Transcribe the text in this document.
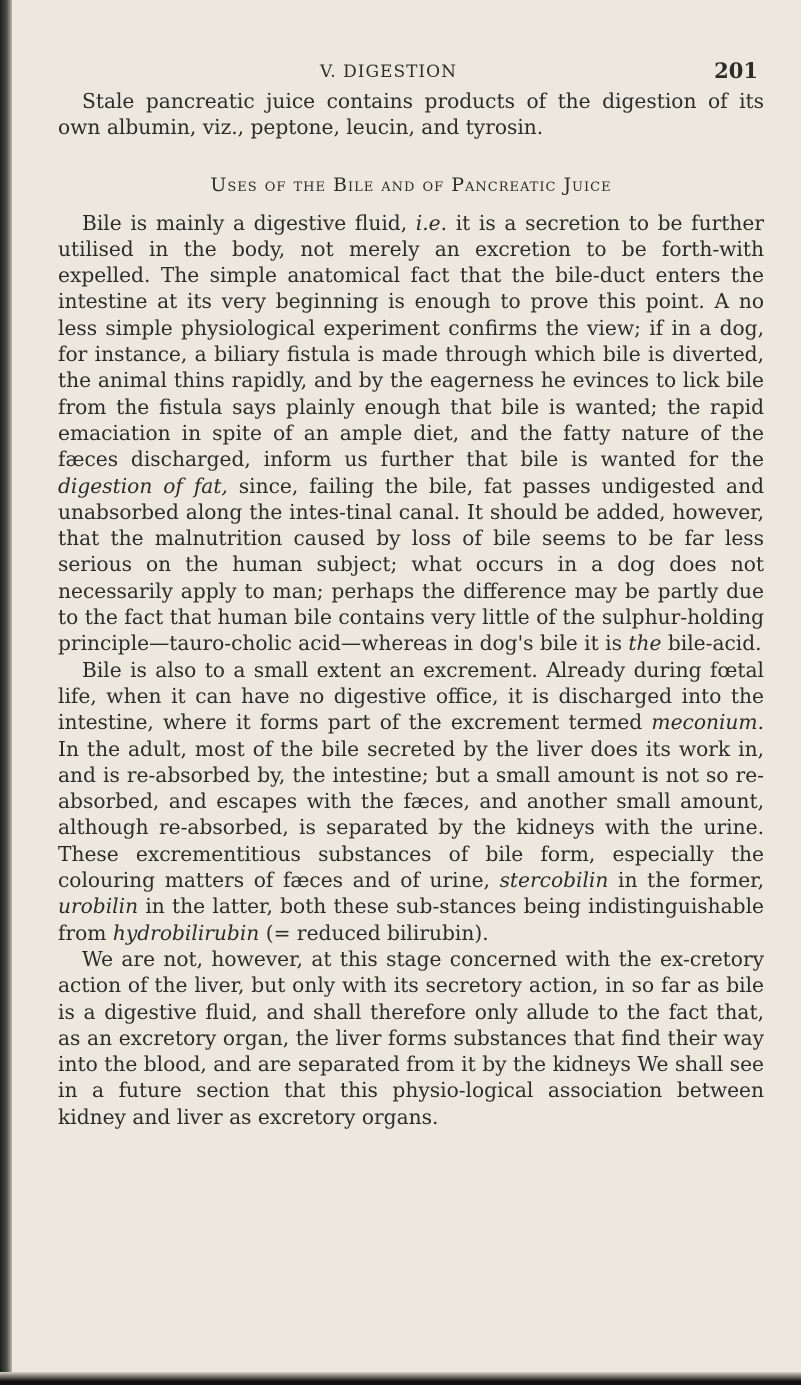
V. DIGESTION	201

Stale pancreatic juice contains products of the digestion of its own albumin, viz., peptone, leucin, and tyrosin.

Uses of the Bile and of Pancreatic Juice

Bile is mainly a digestive fluid, i.e. it is a secretion to be further utilised in the body, not merely an excretion to be forth-with expelled. The simple anatomical fact that the bile-duct enters the intestine at its very beginning is enough to prove this point. A no less simple physiological experiment confirms the view; if in a dog, for instance, a biliary fistula is made through which bile is diverted, the animal thins rapidly, and by the eagerness he evinces to lick bile from the fistula says plainly enough that bile is wanted; the rapid emaciation in spite of an ample diet, and the fatty nature of the fæces discharged, inform us further that bile is wanted for the digestion of fat, since, failing the bile, fat passes undigested and unabsorbed along the intes-tinal canal. It should be added, however, that the malnutrition caused by loss of bile seems to be far less serious on the human subject; what occurs in a dog does not necessarily apply to man; perhaps the difference may be partly due to the fact that human bile contains very little of the sulphur-holding principle—tauro-cholic acid—whereas in dog's bile it is the bile-acid.

Bile is also to a small extent an excrement. Already during fœtal life, when it can have no digestive office, it is discharged into the intestine, where it forms part of the excrement termed meconium. In the adult, most of the bile secreted by the liver does its work in, and is re-absorbed by, the intestine; but a small amount is not so re-absorbed, and escapes with the fæces, and another small amount, although re-absorbed, is separated by the kidneys with the urine. These excrementitious substances of bile form, especially the colouring matters of fæces and of urine, stercobilin in the former, urobilin in the latter, both these sub-stances being indistinguishable from hydrobilirubin (= reduced bilirubin).

We are not, however, at this stage concerned with the ex-cretory action of the liver, but only with its secretory action, in so far as bile is a digestive fluid, and shall therefore only allude to the fact that, as an excretory organ, the liver forms substances that find their way into the blood, and are separated from it by the kidneys We shall see in a future section that this physio-logical association between kidney and liver as excretory organs.
